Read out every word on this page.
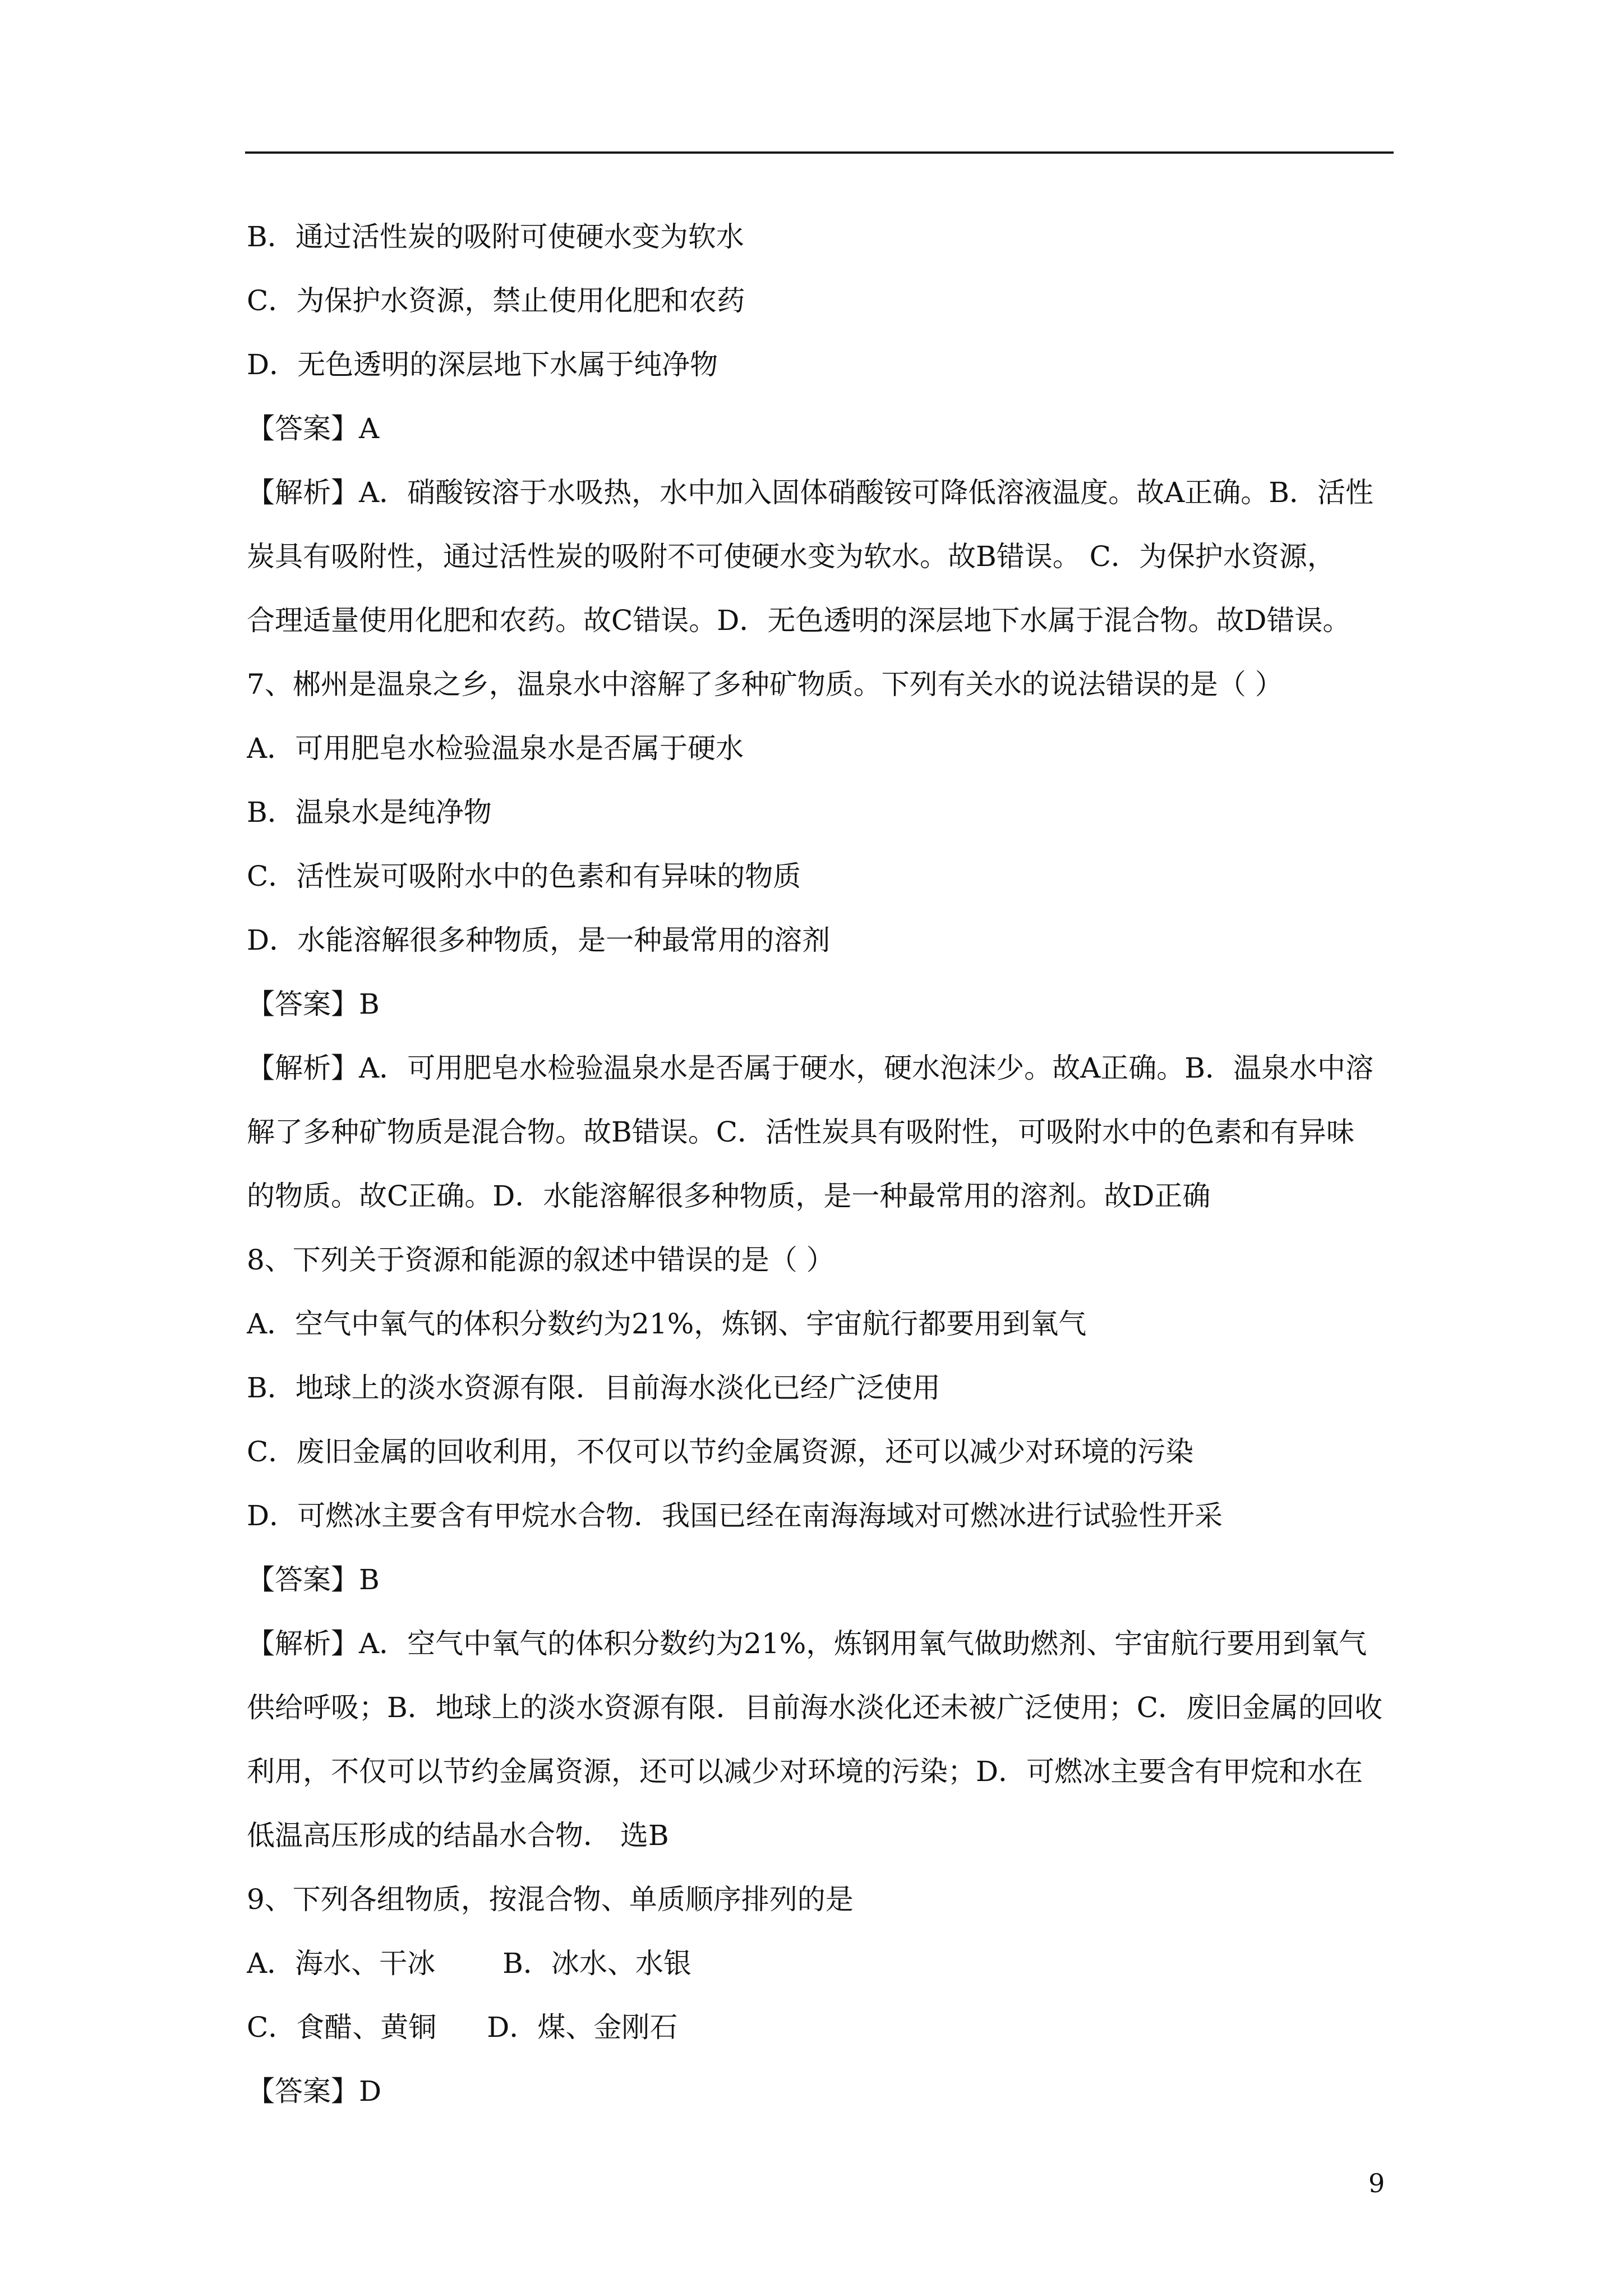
B．通过活性炭的吸附可使硬水变为软水
C．为保护水资源，禁止使用化肥和农药
D．无色透明的深层地下水属于纯净物
【答案】A
【解析】A．硝酸铵溶于水吸热，水中加入固体硝酸铵可降低溶液温度。故A正确。B．活性
炭具有吸附性，通过活性炭的吸附不可使硬水变为软水。故B错误。 C．为保护水资源，
合理适量使用化肥和农药。故C错误。D．无色透明的深层地下水属于混合物。故D错误。
7、郴州是温泉之乡，温泉水中溶解了多种矿物质。下列有关水的说法错误的是（ ）
A．可用肥皂水检验温泉水是否属于硬水
B．温泉水是纯净物
C．活性炭可吸附水中的色素和有异味的物质
D．水能溶解很多种物质，是一种最常用的溶剂
【答案】B
【解析】A．可用肥皂水检验温泉水是否属于硬水，硬水泡沫少。故A正确。B．温泉水中溶
解了多种矿物质是混合物。故B错误。C．活性炭具有吸附性，可吸附水中的色素和有异味
的物质。故C正确。D．水能溶解很多种物质，是一种最常用的溶剂。故D正确
8、下列关于资源和能源的叙述中错误的是（ ）
A．空气中氧气的体积分数约为21%，炼钢、宇宙航行都要用到氧气
B．地球上的淡水资源有限．目前海水淡化已经广泛使用
C．废旧金属的回收利用，不仅可以节约金属资源，还可以减少对环境的污染
D．可燃冰主要含有甲烷水合物．我国已经在南海海域对可燃冰进行试验性开采
【答案】B
【解析】A．空气中氧气的体积分数约为21%，炼钢用氧气做助燃剂、宇宙航行要用到氧气
供给呼吸；B．地球上的淡水资源有限．目前海水淡化还未被广泛使用；C．废旧金属的回收
利用，不仅可以节约金属资源，还可以减少对环境的污染；D．可燃冰主要含有甲烷和水在
低温高压形成的结晶水合物． 选B
9、下列各组物质，按混合物、单质顺序排列的是
A．海水、干冰 B．冰水、水银
C．食醋、黄铜 D．煤、金刚石
【答案】D
9
